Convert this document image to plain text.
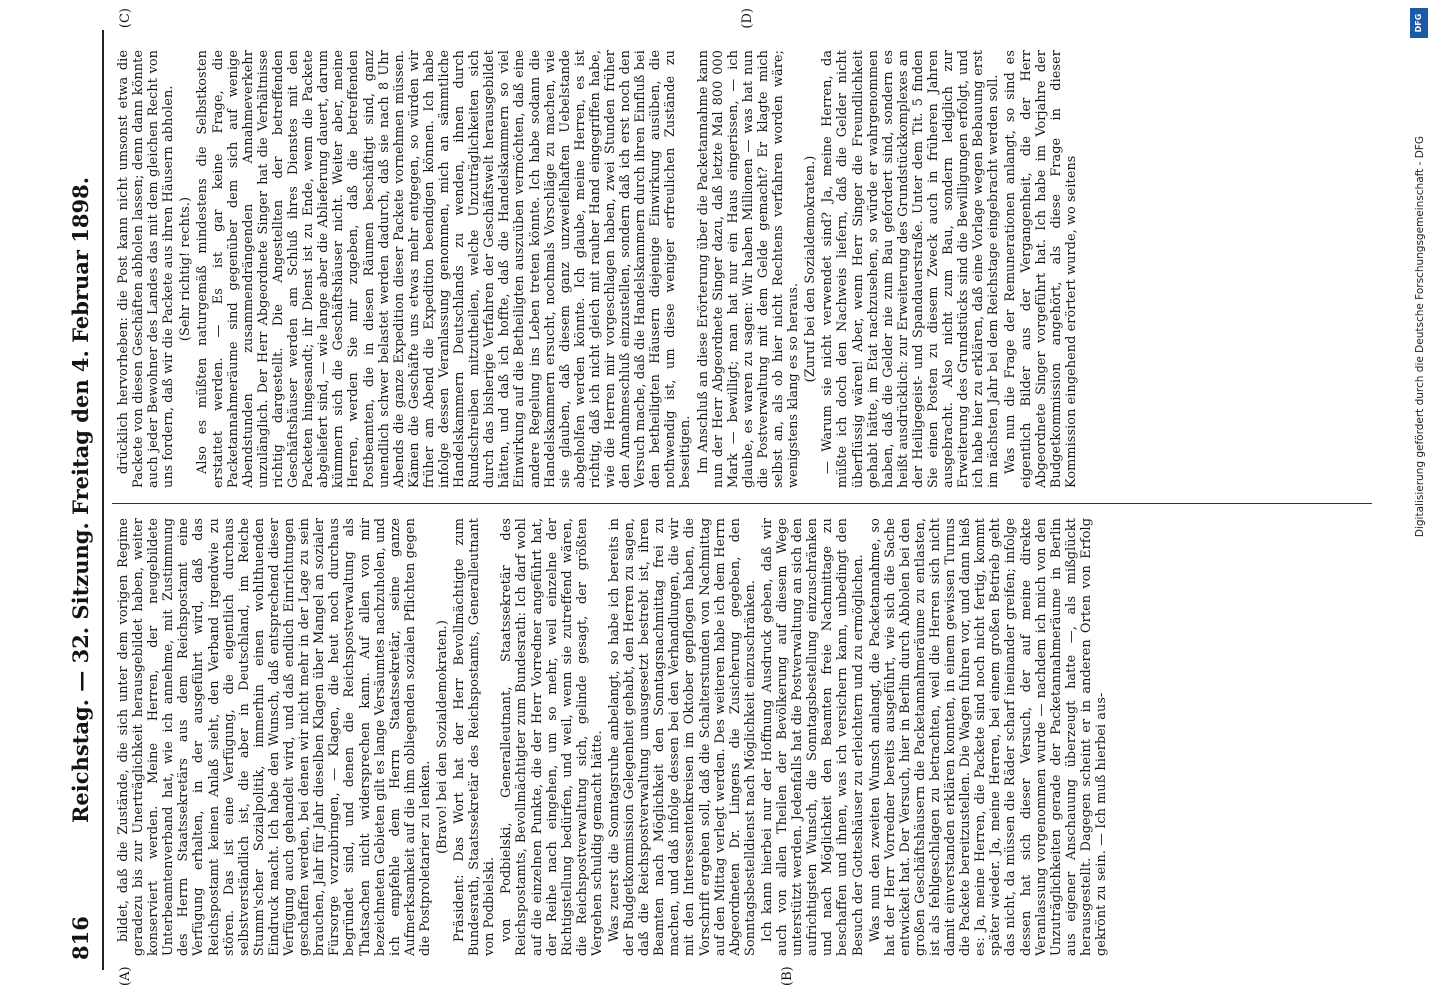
816
Reichstag. — 32. Sitzung. Freitag den 4. Februar 1898. bildet, daß die Zustände, die sich unter dem vorigen Regime geradezu bis zur Unerträglichkeit herausgebildet haben, weiter konserviert werden. Meine Herren, der neugebildete Unterbeamtenverband hat, wie ich annehme, mit Zustimmung des Herrn Staatssekretärs aus dem Reichspostamt eine Verfügung erhalten, in der ausgeführt wird, daß das Reichspostamt keinen Anlaß sieht, den Verband irgendwie zu stören. Das ist eine Verfügung, die eigentlich durchaus selbstverständlich ist, die aber in Deutschland, im Reiche Stumm'scher Sozialpolitik, immerhin einen wohlthuenden Eindruck macht. Ich habe den Wunsch, daß entsprechend dieser Verfügung auch gehandelt wird, und daß endlich Einrichtungen geschaffen werden, bei denen wir nicht mehr in der Lage zu sein brauchen, Jahr für Jahr dieselben Klagen über Mangel an sozialer Fürsorge vorzubringen, — Klagen, die heut noch durchaus begründet sind, und denen die Reichspostverwaltung als Thatsachen nicht widersprechen kann. Auf allen von mir bezeichneten Gebieten gilt es lange Versäumtes nachzuholen, und ich empfehle dem Herrn Staatssekretär, seine ganze Aufmerksamkeit auf die ihm obliegenden sozialen Pflichten gegen die Postproletarier zu lenken.

(Bravo! bei den Sozialdemokraten.) Präsident: Das Wort hat der Herr Bevollmächtigte zum Bundesrath, Staatssekretär des Reichspostamts, Generalleutnant von Podbielski. von Podbielski, Generalleutnant, Staatssekretär des Reichspostamts, Bevollmächtigter zum Bundesrath: Ich darf wohl auf die einzelnen Punkte, die der Herr Vorredner angeführt hat, der Reihe nach eingehen, um so mehr, weil einzelne der Richtigstellung bedürfen, und weil, wenn sie zutreffend wären, die Reichspostverwaltung sich, gelinde gesagt, der größten Vergehen schuldig gemacht hätte. Was zuerst die Sonntagsruhe anbelangt, so habe ich bereits in der Budgetkommission Gelegenheit gehabt, den Herren zu sagen, daß die Reichspostverwaltung unausgesetzt bestrebt ist, ihren Beamten nach Möglichkeit den Sonntagsnachmittag frei zu machen, und daß infolge dessen bei den Verhandlungen, die wir mit den Interessentenkreisen im Oktober gepflogen haben, die Vorschrift ergehen soll, daß die Schalterstunden von Nachmittag auf den Mittag verlegt werden. Des weiteren habe ich dem Herrn Abgeordneten Dr. Lingens die Zusicherung gegeben, den Sonntagsbestelldienst nach Möglichkeit einzuschränken. Ich kann hierbei nur der Hoffnung Ausdruck geben, daß wir auch von allen Theilen der Bevölkerung auf diesem Wege unterstützt werden. Jedenfalls hat die Postverwaltung an sich den aufrichtigsten Wunsch, die Sonntagsbestellung einzuschränken und nach Möglichkeit den Beamten freie Nachmittage zu beschaffen und ihnen, was ich versichern kann, unbedingt den Besuch der Gotteshäuser zu erleichtern und zu ermöglichen. Was nun den zweiten Wunsch anlangt, die Packetannahme, so hat der Herr Vorredner bereits ausgeführt, wie sich die Sache entwickelt hat. Der Versuch, hier in Berlin durch Abholen bei den großen Geschäftshäusern die Packetannahmeräume zu entlasten, ist als fehlgeschlagen zu betrachten, weil die Herren sich nicht damit einverstanden erklären konnten, in einem gewissen Turnus die Packete bereitzustellen. Die Wagen fuhren vor, und dann hieß es: Ja, meine Herren, die Packete sind noch nicht fertig, kommt später wieder. Ja, meine Herren, bei einem großen Betrieb geht das nicht, da müssen die Räder scharf ineinander greifen; infolge dessen hat sich dieser Versuch, der auf meine direkte Veranlassung vorgenommen wurde — nachdem ich mich von den Unzuträglichkeiten gerade der Packetannahmeräume in Berlin aus eigener Anschauung überzeugt hatte —, als mißglückt herausgestellt. Dagegen scheint er in anderen Orten von Erfolg gekrönt zu sein. — Ich muß hierbei aus-

drücklich hervorheben: die Post kann nicht umsonst etwa die Packete von diesen Geschäften abholen lassen; denn dann könnte auch jeder Bewohner des Landes das mit dem gleichen Recht von uns fordern, daß wir die Packete aus ihren Häusern abholen. (Sehr richtig! rechts.) Also es müßten naturgemäß mindestens die Selbstkosten erstattet werden. — Es ist gar keine Frage, die Packetannahmeräume sind gegenüber dem sich auf wenige Abendstunden zusammendrängenden Annahmeverkehr unzulänglich. Der Herr Abgeordnete Singer hat die Verhältnisse richtig dargestellt. Die Angestellten der betreffenden Geschäftshäuser werden am Schluß ihres Dienstes mit den Packeten hingesandt; ihr Dienst ist zu Ende, wenn die Packete abgeliefert sind, — wie lange aber die Ablieferung dauert, darum kümmern sich die Geschäftshäuser nicht. Weiter aber, meine Herren, werden Sie mir zugeben, daß die betreffenden Postbeamten, die in diesen Räumen beschäftigt sind, ganz unendlich schwer belastet werden dadurch, daß sie nach 8 Uhr Abends die ganze Expedition dieser Packete vornehmen müssen. Kämen die Geschäfte uns etwas mehr entgegen, so würden wir früher am Abend die Expedition beendigen können. Ich habe infolge dessen Veranlassung genommen, mich an sämmtliche Handelskammern Deutschlands zu wenden, ihnen durch Rundschreiben mitzutheilen, welche Unzuträglichkeiten sich durch das bisherige Verfahren der Geschäftswelt herausgebildet hätten, und daß ich hoffte, daß die Handelskammern so viel Einwirkung auf die Betheiligten auszuüben vermöchten, daß eine andere Regelung ins Leben treten könnte. Ich habe sodann die Handelskammern ersucht, nochmals Vorschläge zu machen, wie sie glauben, daß diesem ganz unzweifelhaften Uebelstande abgeholfen werden könnte. Ich glaube, meine Herren, es ist richtig, daß ich nicht gleich mit rauher Hand eingegriffen habe, wie die Herren mir vorgeschlagen haben, zwei Stunden früher den Annahmeschluß einzustellen, sondern daß ich erst noch den Versuch mache, daß die Handelskammern durch ihren Einfluß bei den betheiligten Häusern diejenige Einwirkung ausüben, die nothwendig ist, um diese weniger erfreulichen Zustände zu beseitigen. Im Anschluß an diese Erörterung über die Packetannahme kann nun der Herr Abgeordnete Singer dazu, daß letzte Mal 800 000 Mark — bewilligt; man hat nur ein Haus eingerissen, — ich glaube, es waren zu sagen: Wir haben Millionen — was hat nun die Postverwaltung mit dem Gelde gemacht? Er klagte mich selbst an, als ob hier nicht Rechtens verfahren worden wäre; wenigstens klang es so heraus.

(Zuruf bei den Sozialdemokraten.) — Warum sie nicht verwendet sind? Ja, meine Herren, da müßte ich doch den Nachweis liefern, daß die Gelder nicht überflüssig wären! Aber, wenn Herr Singer die Freundlichkeit gehabt hätte, im Etat nachzusehen, so würde er wahrgenommen haben, daß die Gelder nie zum Bau gefordert sind, sondern es heißt ausdrücklich: zur Erweiterung des Grundstückkomplexes an der Heiligegeist- und Spandauerstraße. Unter dem Tit. 5 finden Sie einen Posten zu diesem Zweck auch in früheren Jahren ausgebracht. Also nicht zum Bau, sondern lediglich zur Erweiterung des Grundstücks sind die Bewilligungen erfolgt, und ich habe hier zu erklären, daß eine Vorlage wegen Bebauung erst im nächsten Jahr bei dem Reichstage eingebracht werden soll. Was nun die Frage der Remunerationen anlangt, so sind es eigentlich Bilder aus der Vergangenheit, die der Herr Abgeordnete Singer vorgeführt hat. Ich habe im Vorjahre der Budgetkommission angehört, als diese Frage in dieser Kommission eingehend erörtert wurde, wo seitens

(A)	(B)
(C)	(D)
Digitalisierung gefördert durch die Deutsche Forschungsgemeinschaft - DFG
DFG
